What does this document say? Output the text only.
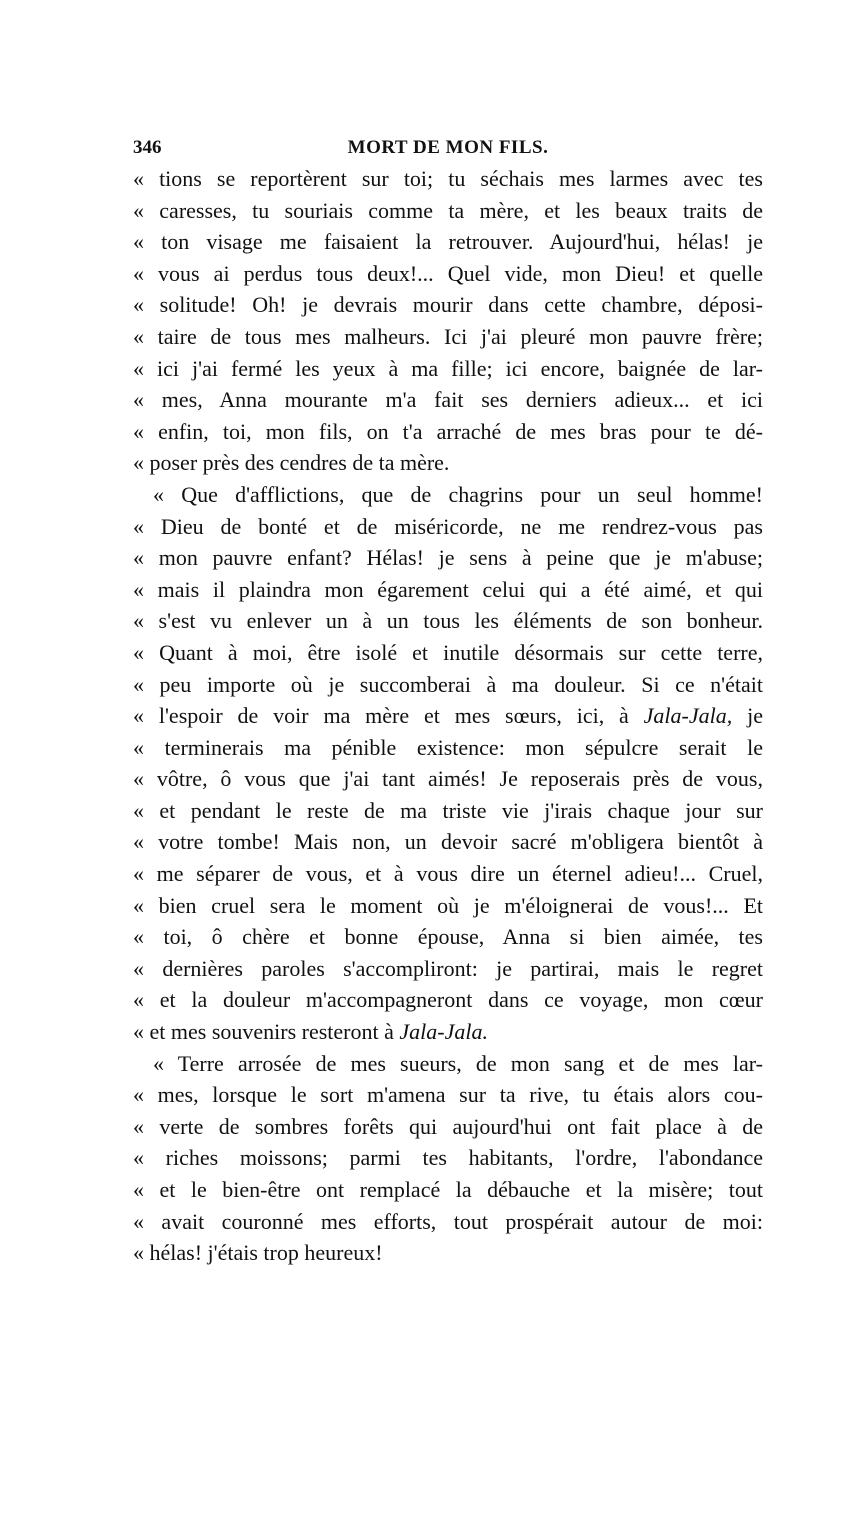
346	MORT DE MON FILS.
« tions se reportèrent sur toi; tu séchais mes larmes avec tes
« caresses, tu souriais comme ta mère, et les beaux traits de
« ton visage me faisaient la retrouver. Aujourd'hui, hélas! je
« vous ai perdus tous deux!... Quel vide, mon Dieu! et quelle
« solitude! Oh! je devrais mourir dans cette chambre, déposi-
« taire de tous mes malheurs. Ici j'ai pleuré mon pauvre frère;
« ici j'ai fermé les yeux à ma fille; ici encore, baignée de lar-
« mes, Anna mourante m'a fait ses derniers adieux... et ici
« enfin, toi, mon fils, on t'a arraché de mes bras pour te dé-
« poser près des cendres de ta mère.
« Que d'afflictions, que de chagrins pour un seul homme!
« Dieu de bonté et de miséricorde, ne me rendrez-vous pas
« mon pauvre enfant? Hélas! je sens à peine que je m'abuse;
« mais il plaindra mon égarement celui qui a été aimé, et qui
« s'est vu enlever un à un tous les éléments de son bonheur.
« Quant à moi, être isolé et inutile désormais sur cette terre,
« peu importe où je succomberai à ma douleur. Si ce n'était
« l'espoir de voir ma mère et mes sœurs, ici, à Jala-Jala, je
« terminerais ma pénible existence: mon sépulcre serait le
« vôtre, ô vous que j'ai tant aimés! Je reposerais près de vous,
« et pendant le reste de ma triste vie j'irais chaque jour sur
« votre tombe! Mais non, un devoir sacré m'obligera bientôt à
« me séparer de vous, et à vous dire un éternel adieu!... Cruel,
« bien cruel sera le moment où je m'éloignerai de vous!... Et
« toi, ô chère et bonne épouse, Anna si bien aimée, tes
« dernières paroles s'accompliront: je partirai, mais le regret
« et la douleur m'accompagneront dans ce voyage, mon cœur
« et mes souvenirs resteront à Jala-Jala.
« Terre arrosée de mes sueurs, de mon sang et de mes lar-
« mes, lorsque le sort m'amena sur ta rive, tu étais alors cou-
« verte de sombres forêts qui aujourd'hui ont fait place à de
« riches moissons; parmi tes habitants, l'ordre, l'abondance
« et le bien-être ont remplacé la débauche et la misère; tout
« avait couronné mes efforts, tout prospérait autour de moi:
« hélas! j'étais trop heureux!
